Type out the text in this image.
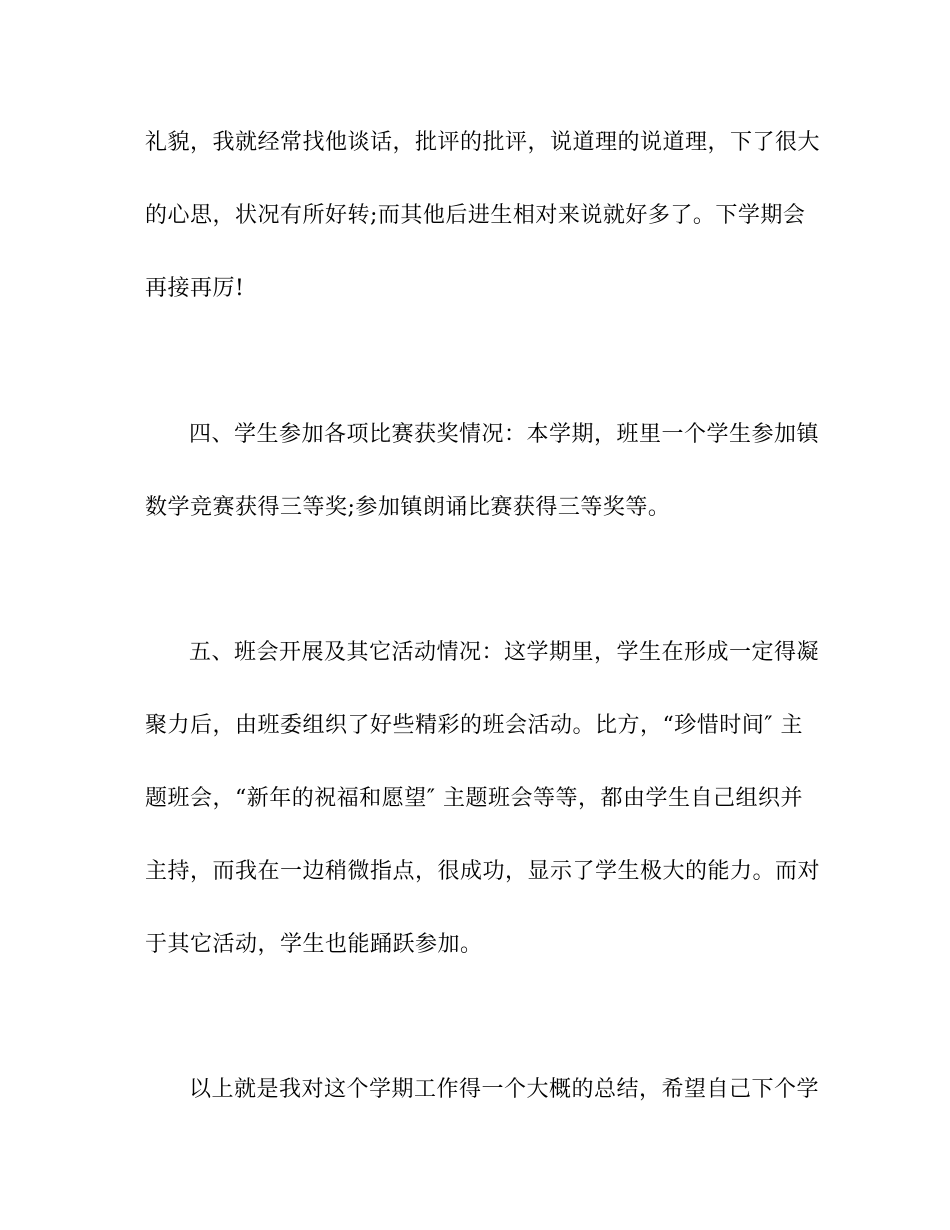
礼貌，我就经常找他谈话，批评的批评，说道理的说道理，下了很大
的心思，状况有所好转;而其他后进生相对来说就好多了。下学期会
再接再厉!
四、学生参加各项比赛获奖情况：本学期，班里一个学生参加镇
数学竞赛获得三等奖;参加镇朗诵比赛获得三等奖等。
五、班会开展及其它活动情况：这学期里，学生在形成一定得凝
聚力后，由班委组织了好些精彩的班会活动。比方，“珍惜时间″ 主
题班会，“新年的祝福和愿望″ 主题班会等等，都由学生自己组织并
主持，而我在一边稍微指点，很成功，显示了学生极大的能力。而对
于其它活动，学生也能踊跃参加。
以上就是我对这个学期工作得一个大概的总结，希望自己下个学
